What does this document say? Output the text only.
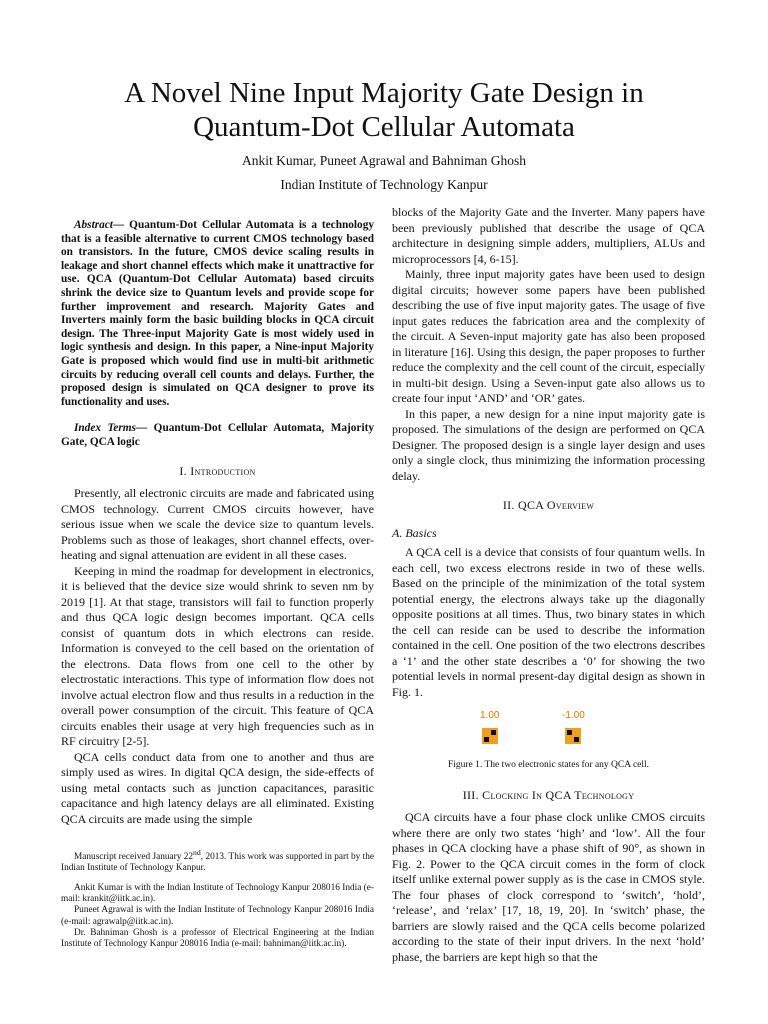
A Novel Nine Input Majority Gate Design in
Quantum-Dot Cellular Automata
Ankit Kumar, Puneet Agrawal and Bahniman Ghosh
Indian Institute of Technology Kanpur

Abstract— Quantum-Dot Cellular Automata is a technology that is a feasible alternative to current CMOS technology based on transistors. In the future, CMOS device scaling results in leakage and short channel effects which make it unattractive for use. QCA (Quantum-Dot Cellular Automata) based circuits shrink the device size to Quantum levels and provide scope for further improvement and research. Majority Gates and Inverters mainly form the basic building blocks in QCA circuit design. The Three-input Majority Gate is most widely used in logic synthesis and design. In this paper, a Nine-input Majority Gate is proposed which would find use in multi-bit arithmetic circuits by reducing overall cell counts and delays. Further, the proposed design is simulated on QCA designer to prove its functionality and uses.

Index Terms— Quantum-Dot Cellular Automata, Majority Gate, QCA logic

I. Introduction

Presently, all electronic circuits are made and fabricated using CMOS technology. Current CMOS circuits however, have serious issue when we scale the device size to quantum levels. Problems such as those of leakages, short channel effects, over-heating and signal attenuation are evident in all these cases.

Keeping in mind the roadmap for development in electronics, it is believed that the device size would shrink to seven nm by 2019 [1]. At that stage, transistors will fail to function properly and thus QCA logic design becomes important. QCA cells consist of quantum dots in which electrons can reside. Information is conveyed to the cell based on the orientation of the electrons. Data flows from one cell to the other by electrostatic interactions. This type of information flow does not involve actual electron flow and thus results in a reduction in the overall power consumption of the circuit. This feature of QCA circuits enables their usage at very high frequencies such as in RF circuitry [2-5].

QCA cells conduct data from one to another and thus are simply used as wires. In digital QCA design, the side-effects of using metal contacts such as junction capacitances, parasitic capacitance and high latency delays are all eliminated. Existing QCA circuits are made using the simple

Manuscript received January 22nd, 2013. This work was supported in part by the Indian Institute of Technology Kanpur.

Ankit Kumar is with the Indian Institute of Technology Kanpur 208016 India (e-mail: krankit@iitk.ac.in).

Puneet Agrawal is with the Indian Institute of Technology Kanpur 208016 India (e-mail: agrawalp@iitk.ac.in).

Dr. Bahniman Ghosh is a professor of Electrical Engineering at the Indian Institute of Technology Kanpur 208016 India (e-mail: bahniman@iitk.ac.in).

blocks of the Majority Gate and the Inverter. Many papers have been previously published that describe the usage of QCA architecture in designing simple adders, multipliers, ALUs and microprocessors [4, 6-15].

Mainly, three input majority gates have been used to design digital circuits; however some papers have been published describing the use of five input majority gates. The usage of five input gates reduces the fabrication area and the complexity of the circuit. A Seven-input majority gate has also been proposed in literature [16]. Using this design, the paper proposes to further reduce the complexity and the cell count of the circuit, especially in multi-bit design. Using a Seven-input gate also allows us to create four input ‘AND’ and ‘OR’ gates.

In this paper, a new design for a nine input majority gate is proposed. The simulations of the design are performed on QCA Designer. The proposed design is a single layer design and uses only a single clock, thus minimizing the information processing delay.

II. QCA Overview
A. Basics

A QCA cell is a device that consists of four quantum wells. In each cell, two excess electrons reside in two of these wells. Based on the principle of the minimization of the total system potential energy, the electrons always take up the diagonally opposite positions at all times. Thus, two binary states in which the cell can reside can be used to describe the information contained in the cell. One position of the two electrons describes a ‘1’ and the other state describes a ‘0’ for showing the two potential levels in normal present-day digital design as shown in Fig. 1.

1.00	-1.00
Figure 1. The two electronic states for any QCA cell.
III. Clocking In QCA Technology

QCA circuits have a four phase clock unlike CMOS circuits where there are only two states ‘high’ and ‘low’. All the four phases in QCA clocking have a phase shift of 90°, as shown in Fig. 2. Power to the QCA circuit comes in the form of clock itself unlike external power supply as is the case in CMOS style. The four phases of clock correspond to ‘switch’, ‘hold’, ‘release’, and ‘relax’ [17, 18, 19, 20]. In ‘switch’ phase, the barriers are slowly raised and the QCA cells become polarized according to the state of their input drivers. In the next ‘hold’ phase, the barriers are kept high so that the
